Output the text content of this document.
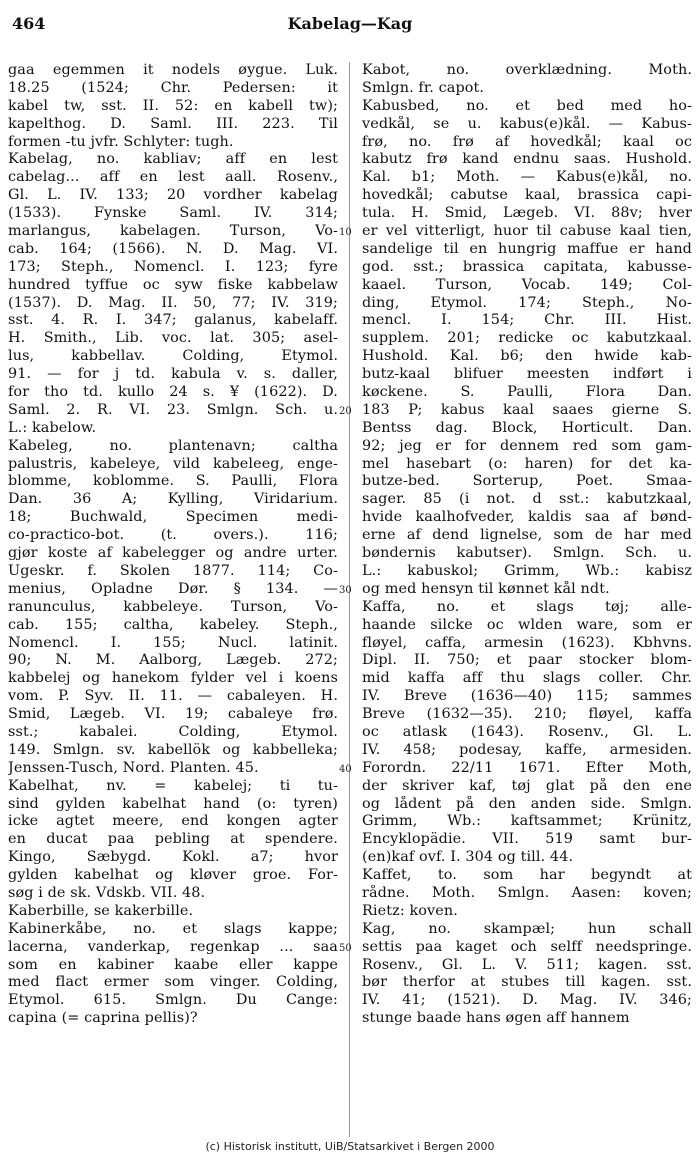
464	Kabelag—Kag
gaa egemmen it nodels øygue. Luk.
18.25 (1524; Chr. Pedersen: it
kabel tw, sst. II. 52: en kabell tw);
kapelthog. D. Saml. III. 223. Til
formen -tu jvfr. Schlyter: tugh.
Kabelag, no. kabliav; aff en lest
cabelag... aff en lest aall. Rosenv.,
Gl. L. IV. 133; 20 vordher kabelag
(1533). Fynske Saml. IV. 314;
marlangus, kabelagen. Turson, Vo-
cab. 164; (1566). N. D. Mag. VI.
173; Steph., Nomencl. I. 123; fyre
hundred tyffue oc syw fiske kabbelaw
(1537). D. Mag. II. 50, 77; IV. 319;
sst. 4. R. I. 347; galanus, kabelaff.
H. Smith., Lib. voc. lat. 305; asel-
lus, kabbellav. Colding, Etymol.
91. — for j td. kabula v. s. daller,
for tho td. kullo 24 s. ¥ (1622). D.
Saml. 2. R. VI. 23. Smlgn. Sch. u.
L.: kabelow.
Kabeleg, no. plantenavn; caltha
palustris, kabeleye, vild kabeleeg, enge-
blomme, koblomme. S. Paulli, Flora
Dan. 36 A; Kylling, Viridarium.
18; Buchwald, Specimen medi-
co-practico-bot. (t. overs.). 116;
gjør koste af kabelegger og andre urter.
Ugeskr. f. Skolen 1877. 114; Co-
menius, Opladne Dør. § 134. —
ranunculus, kabbeleye. Turson, Vo-
cab. 155; caltha, kabeley. Steph.,
Nomencl. I. 155; Nucl. latinit.
90; N. M. Aalborg, Lægeb. 272;
kabbelej og hanekom fylder vel i koens
vom. P. Syv. II. 11. — cabaleyen. H.
Smid, Lægeb. VI. 19; cabaleye frø.
sst.; kabalei. Colding, Etymol.
149. Smlgn. sv. kabellök og kabbelleka;
Jenssen-Tusch, Nord. Planten. 45.
Kabelhat, nv. = kabelej; ti tu-
sind gylden kabelhat hand (o: tyren)
icke agtet meere, end kongen agter
en ducat paa pebling at spendere.
Kingo, Sæbygd. Kokl. a7; hvor
gylden kabelhat og kløver groe. For-
søg i de sk. Vdskb. VII. 48.
Kaberbille, se kakerbille.
Kabinerkåbe, no. et slags kappe;
lacerna, vanderkap, regenkap ... saa
som en kabiner kaabe eller kappe
med flact ermer som vinger. Colding,
Etymol. 615. Smlgn. Du Cange:
capina (= caprina pellis)?
10
20
30
40
50
Kabot, no. overklædning. Moth.
Smlgn. fr. capot.
Kabusbed, no. et bed med ho-
vedkål, se u. kabus(e)kål. — Kabus-
frø, no. frø af hovedkål; kaal oc
kabutz frø kand endnu saas. Hushold.
Kal. b1; Moth. — Kabus(e)kål, no.
hovedkål; cabutse kaal, brassica capi-
tula. H. Smid, Lægeb. VI. 88v; hver
er vel vitterligt, huor til cabuse kaal tien,
sandelige til en hungrig maffue er hand
god. sst.; brassica capitata, kabusse-
kaael. Turson, Vocab. 149; Col-
ding, Etymol. 174; Steph., No-
mencl. I. 154; Chr. III. Hist.
supplem. 201; redicke oc kabutzkaal.
Hushold. Kal. b6; den hwide kab-
butz-kaal blifuer meesten indført i
køckene. S. Paulli, Flora Dan.
183 P; kabus kaal saaes gierne S.
Bentss dag. Block, Horticult. Dan.
92; jeg er for dennem red som gam-
mel hasebart (o: haren) for det ka-
butze-bed. Sorterup, Poet. Smaa-
sager. 85 (i not. d sst.: kabutzkaal,
hvide kaalhofveder, kaldis saa af bønd-
erne af dend lignelse, som de har med
bøndernis kabutser). Smlgn. Sch. u.
L.: kabuskol; Grimm, Wb.: kabisz
og med hensyn til kønnet kål ndt.
Kaffa, no. et slags tøj; alle-
haande silcke oc wlden ware, som er
fløyel, caffa, armesin (1623). Kbhvns.
Dipl. II. 750; et paar stocker blom-
mid kaffa aff thu slags coller. Chr.
IV. Breve (1636—40) 115; sammes
Breve (1632—35). 210; fløyel, kaffa
oc atlask (1643). Rosenv., Gl. L.
IV. 458; podesay, kaffe, armesiden.
Forordn. 22/11 1671. Efter Moth,
der skriver kaf, tøj glat på den ene
og lådent på den anden side. Smlgn.
Grimm, Wb.: kaftsammet; Krünitz,
Encyklopädie. VII. 519 samt bur-
(en)kaf ovf. I. 304 og till. 44.
Kaffet, to. som har begyndt at
rådne. Moth. Smlgn. Aasen: koven;
Rietz: koven.
Kag, no. skampæl; hun schall
settis paa kaget och selff needspringe.
Rosenv., Gl. L. V. 511; kagen. sst.
bør therfor at stubes till kagen. sst.
IV. 41; (1521). D. Mag. IV. 346;
stunge baade hans øgen aff hannem
(c) Historisk institutt, UiB/Statsarkivet i Bergen 2000
